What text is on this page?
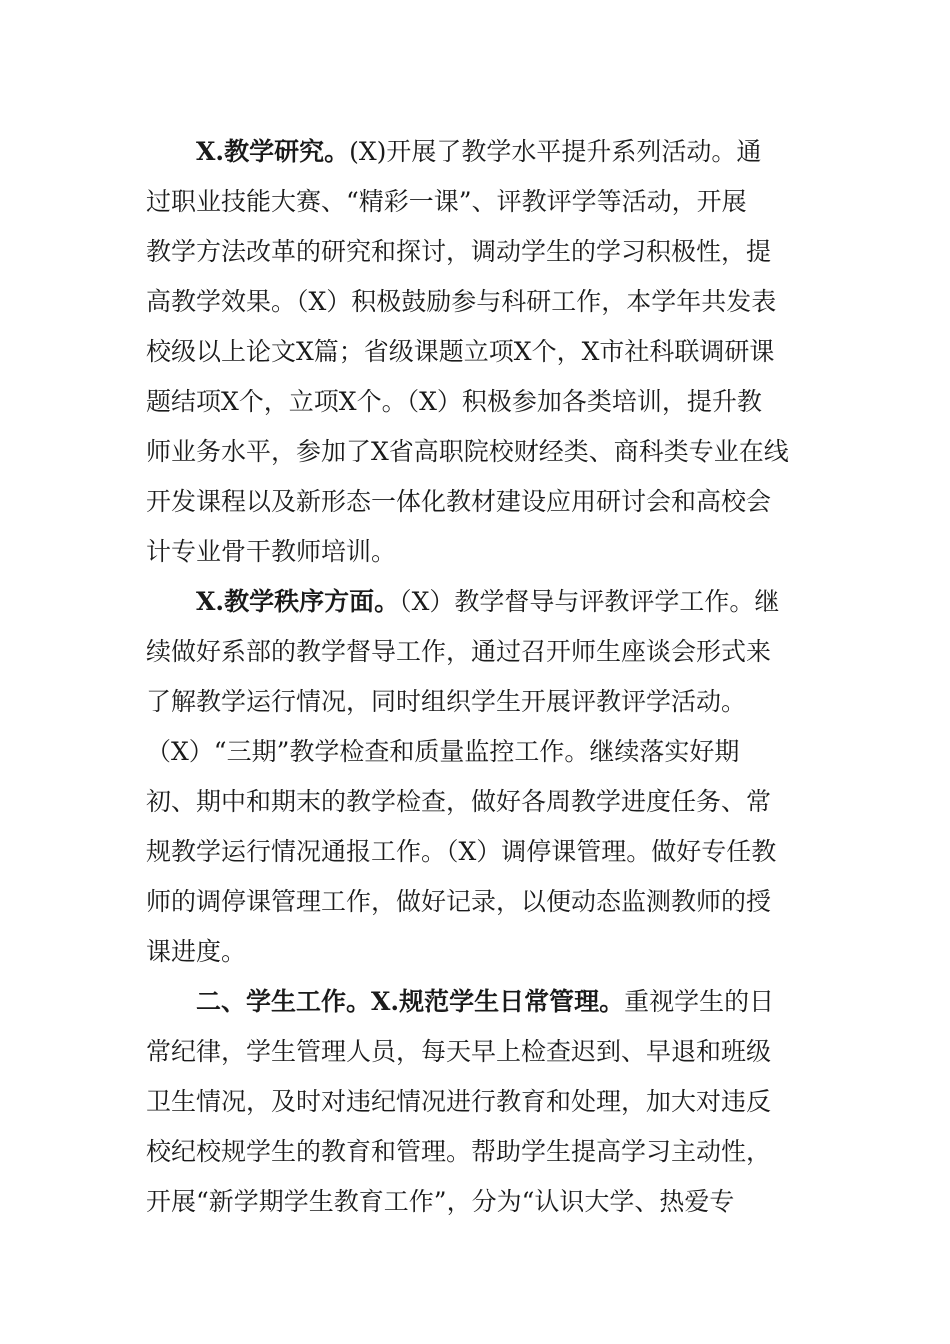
X.教学研究。(X)开展了教学水平提升系列活动。通
过职业技能大赛、“精彩一课”、评教评学等活动，开展
教学方法改革的研究和探讨，调动学生的学习积极性，提
高教学效果。（X）积极鼓励参与科研工作，本学年共发表
校级以上论文X篇；省级课题立项X个，X市社科联调研课
题结项X个，立项X个。（X）积极参加各类培训，提升教
师业务水平，参加了X省高职院校财经类、商科类专业在线
开发课程以及新形态一体化教材建设应用研讨会和高校会
计专业骨干教师培训。
X.教学秩序方面。（X）教学督导与评教评学工作。继
续做好系部的教学督导工作，通过召开师生座谈会形式来
了解教学运行情况，同时组织学生开展评教评学活动。
（X）“三期”教学检查和质量监控工作。继续落实好期
初、期中和期末的教学检查，做好各周教学进度任务、常
规教学运行情况通报工作。（X）调停课管理。做好专任教
师的调停课管理工作，做好记录，以便动态监测教师的授
课进度。
二、学生工作。X.规范学生日常管理。重视学生的日
常纪律，学生管理人员，每天早上检查迟到、早退和班级
卫生情况，及时对违纪情况进行教育和处理，加大对违反
校纪校规学生的教育和管理。帮助学生提高学习主动性，
开展“新学期学生教育工作”，分为“认识大学、热爱专
